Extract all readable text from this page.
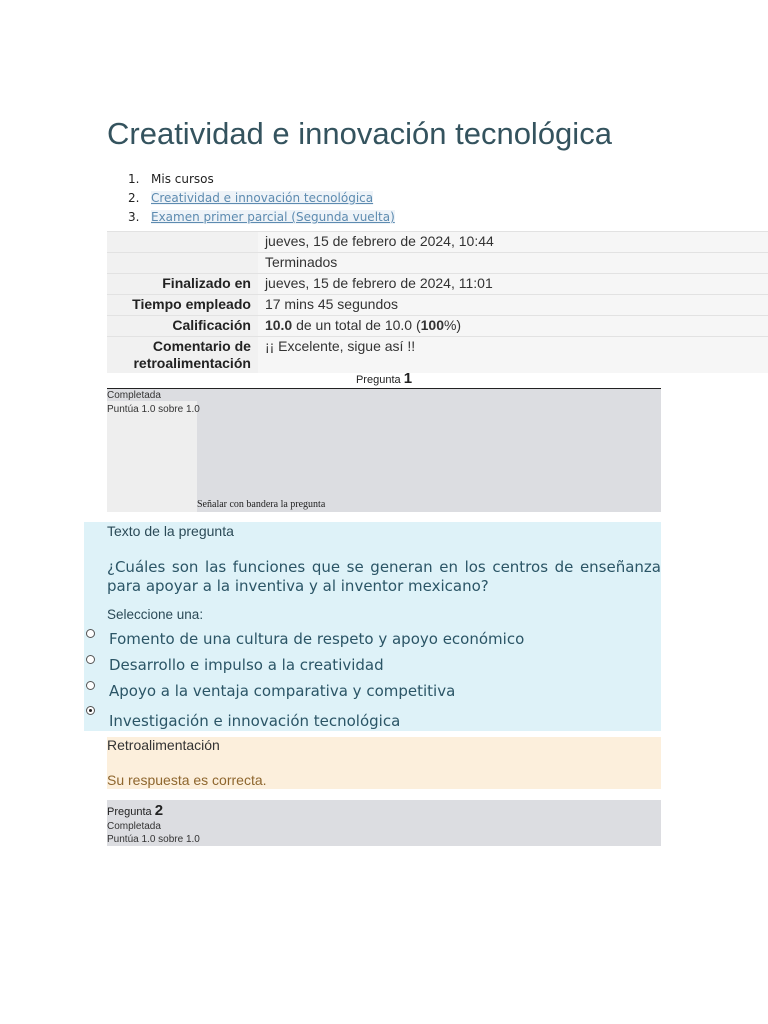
Creatividad e innovación tecnológica
1. Mis cursos
2. Creatividad e innovación tecnológica
3. Examen primer parcial (Segunda vuelta)
	jueves, 15 de febrero de 2024, 10:44
	Terminados
Finalizado en	jueves, 15 de febrero de 2024, 11:01
Tiempo empleado	17 mins 45 segundos
Calificación	10.0 de un total de 10.0 (100%)
Comentario de
retroalimentación	¡¡ Excelente, sigue así !!
Pregunta 1
Completada
Puntúa 1.0 sobre 1.0
Señalar con bandera la pregunta
Texto de la pregunta
¿Cuáles son las funciones que se generan en los centros de enseñanza para apoyar a la inventiva y al inventor mexicano?
Seleccione una:
Fomento de una cultura de respeto y apoyo económico
Desarrollo e impulso a la creatividad
Apoyo a la ventaja comparativa y competitiva
Investigación e innovación tecnológica
Retroalimentación
Su respuesta es correcta.
Pregunta 2
Completada
Puntúa 1.0 sobre 1.0
